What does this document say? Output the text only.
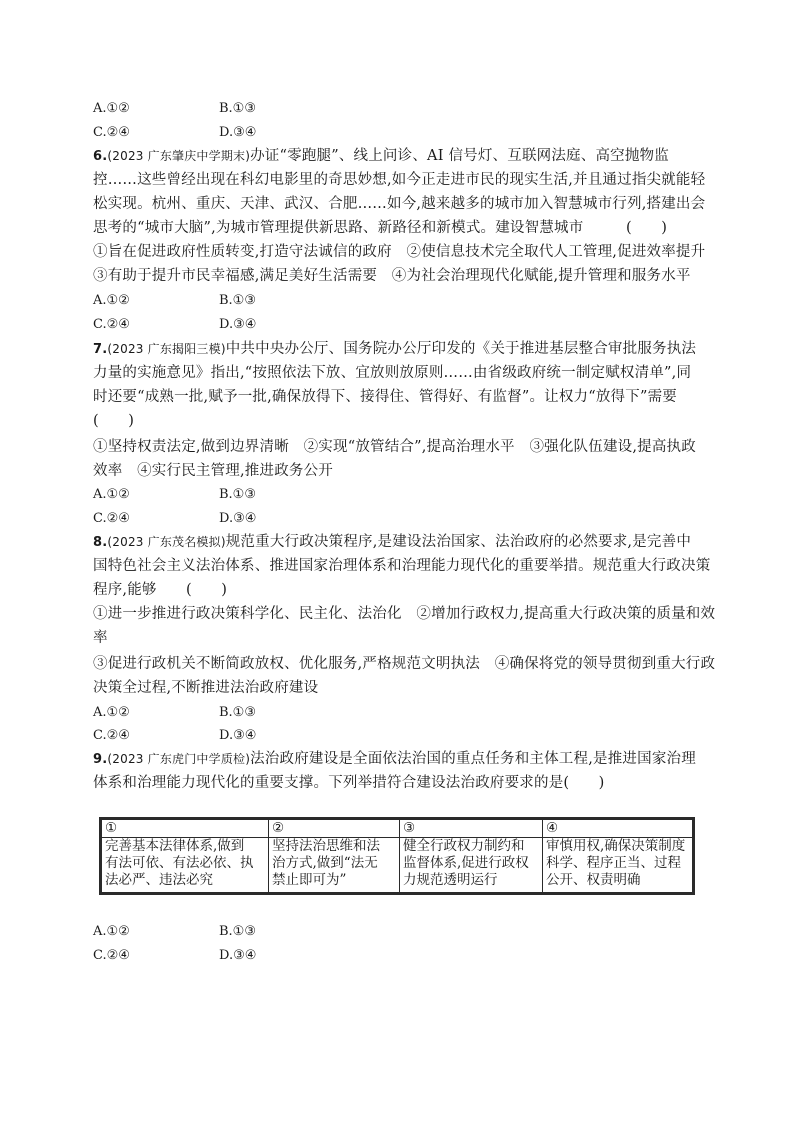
A.①②	B.①③
C.②④	D.③④
6.(2023 广东肇庆中学期末)办证“零跑腿”、线上问诊、AI 信号灯、互联网法庭、高空抛物监
控……这些曾经出现在科幻电影里的奇思妙想,如今正走进市民的现实生活,并且通过指尖就能轻
松实现。杭州、重庆、天津、武汉、合肥……如今,越来越多的城市加入智慧城市行列,搭建出会
思考的“城市大脑”,为城市管理提供新思路、新路径和新模式。建设智慧城市	(　　)
①旨在促进政府性质转变,打造守法诚信的政府　②使信息技术完全取代人工管理,促进效率提升
③有助于提升市民幸福感,满足美好生活需要　④为社会治理现代化赋能,提升管理和服务水平
A.①②	B.①③
C.②④	D.③④
7.(2023 广东揭阳三模)中共中央办公厅、国务院办公厅印发的《关于推进基层整合审批服务执法
力量的实施意见》指出,“按照依法下放、宜放则放原则……由省级政府统一制定赋权清单”,同
时还要“成熟一批,赋予一批,确保放得下、接得住、管得好、有监督”。让权力“放得下”需要
(　　)
①坚持权责法定,做到边界清晰　②实现“放管结合”,提高治理水平　③强化队伍建设,提高执政
效率　④实行民主管理,推进政务公开
A.①②	B.①③
C.②④	D.③④
8.(2023 广东茂名模拟)规范重大行政决策程序,是建设法治国家、法治政府的必然要求,是完善中
国特色社会主义法治体系、推进国家治理体系和治理能力现代化的重要举措。规范重大行政决策
程序,能够　　(　　)
①进一步推进行政决策科学化、民主化、法治化　②增加行政权力,提高重大行政决策的质量和效
率
③促进行政机关不断简政放权、优化服务,严格规范文明执法　④确保将党的领导贯彻到重大行政
决策全过程,不断推进法治政府建设
A.①②	B.①③
C.②④	D.③④
9.(2023 广东虎门中学质检)法治政府建设是全面依法治国的重点任务和主体工程,是推进国家治理
体系和治理能力现代化的重要支撑。下列举措符合建设法治政府要求的是(　　)
①	②	③	④
完善基本法律体系,做到
有法可依、有法必依、执
法必严、违法必究	坚持法治思维和法
治方式,做到“法无
禁止即可为”	健全行政权力制约和
监督体系,促进行政权
力规范透明运行	审慎用权,确保决策制度
科学、程序正当、过程
公开、权责明确
A.①②	B.①③
C.②④	D.③④
